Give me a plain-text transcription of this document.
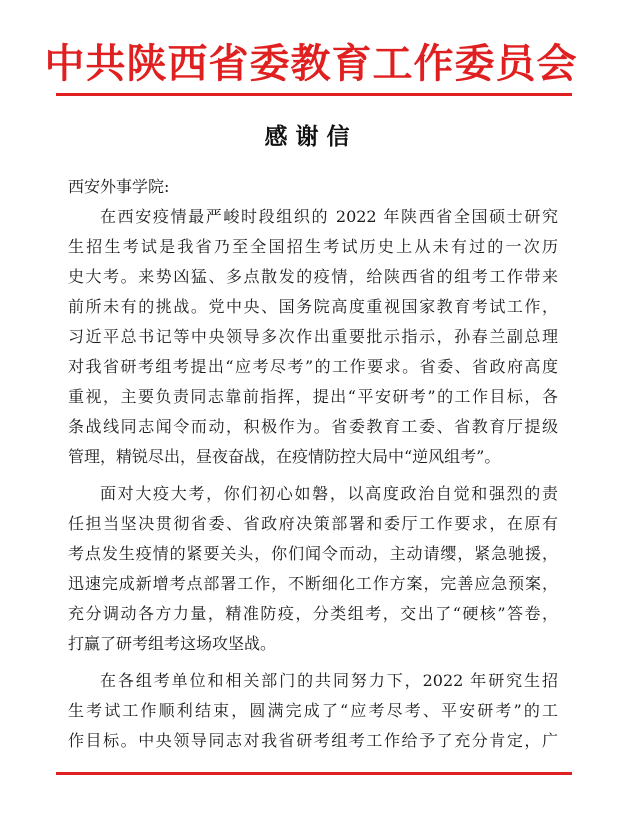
中共陕西省委教育工作委员会
感谢信
西安外事学院:
在西安疫情最严峻时段组织的 2022 年陕西省全国硕士研究
生招生考试是我省乃至全国招生考试历史上从未有过的一次历
史大考。来势凶猛、多点散发的疫情，给陕西省的组考工作带来
前所未有的挑战。党中央、国务院高度重视国家教育考试工作，
习近平总书记等中央领导多次作出重要批示指示，孙春兰副总理
对我省研考组考提出“应考尽考”的工作要求。省委、省政府高度
重视，主要负责同志靠前指挥，提出“平安研考”的工作目标，各
条战线同志闻令而动，积极作为。省委教育工委、省教育厅提级
管理，精锐尽出，昼夜奋战，在疫情防控大局中“逆风组考”。
面对大疫大考，你们初心如磐，以高度政治自觉和强烈的责
任担当坚决贯彻省委、省政府决策部署和委厅工作要求，在原有
考点发生疫情的紧要关头，你们闻令而动，主动请缨，紧急驰援，
迅速完成新增考点部署工作，不断细化工作方案，完善应急预案，
充分调动各方力量，精准防疫，分类组考，交出了“硬核”答卷，
打赢了研考组考这场攻坚战。
在各组考单位和相关部门的共同努力下，2022 年研究生招
生考试工作顺利结束，圆满完成了“应考尽考、平安研考”的工
作目标。中央领导同志对我省研考组考工作给予了充分肯定，广
